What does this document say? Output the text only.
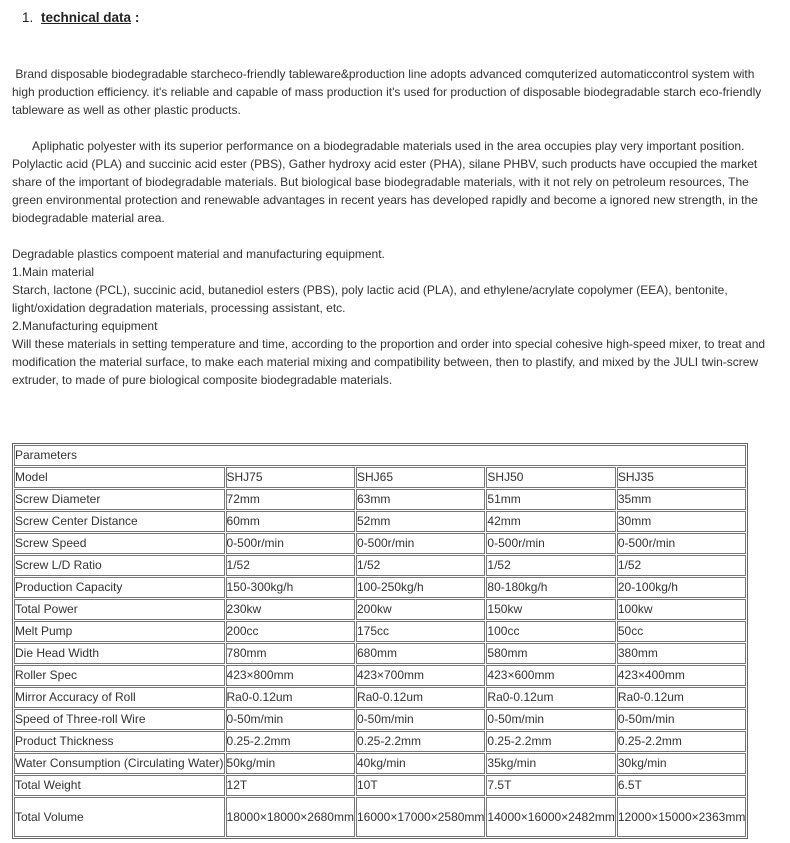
1. technical data :

Brand disposable biodegradable starcheco-friendly tableware&production line adopts advanced comquterized automaticcontrol system with high production efficiency. it's reliable and capable of mass production it's used for production of disposable biodegradable starch eco-friendly tableware as well as other plastic products.

Apliphatic polyester with its superior performance on a biodegradable materials used in the area occupies play very important position. Polylactic acid (PLA) and succinic acid ester (PBS), Gather hydroxy acid ester (PHA), silane PHBV, such products have occupied the market share of the important of biodegradable materials. But biological base biodegradable materials, with it not rely on petroleum resources, The green environmental protection and renewable advantages in recent years has developed rapidly and become a ignored new strength, in the biodegradable material area.

Degradable plastics compoent material and manufacturing equipment.
1.Main material
Starch, lactone (PCL), succinic acid, butanediol esters (PBS), poly lactic acid (PLA), and ethylene/acrylate copolymer (EEA), bentonite, light/oxidation degradation materials, processing assistant, etc.
2.Manufacturing equipment
Will these materials in setting temperature and time, according to the proportion and order into special cohesive high-speed mixer, to treat and modification the material surface, to make each material mixing and compatibility between, then to plastify, and mixed by the JULI twin-screw extruder, to made of pure biological composite biodegradable materials.
Parameters				
Model	SHJ75	SHJ65	SHJ50	SHJ35
Screw Diameter	72mm	63mm	51mm	35mm
Screw Center Distance	60mm	52mm	42mm	30mm
Screw Speed	0-500r/min	0-500r/min	0-500r/min	0-500r/min
Screw L/D Ratio	1/52	1/52	1/52	1/52
Production Capacity	150-300kg/h	100-250kg/h	80-180kg/h	20-100kg/h
Total Power	230kw	200kw	150kw	100kw
Melt Pump	200cc	175cc	100cc	50cc
Die Head Width	780mm	680mm	580mm	380mm
Roller Spec	423×800mm	423×700mm	423×600mm	423×400mm
Mirror Accuracy of Roll	Ra0-0.12um	Ra0-0.12um	Ra0-0.12um	Ra0-0.12um
Speed of Three-roll Wire	0-50m/min	0-50m/min	0-50m/min	0-50m/min
Product Thickness	0.25-2.2mm	0.25-2.2mm	0.25-2.2mm	0.25-2.2mm
Water Consumption (Circulating Water)	50kg/min	40kg/min	35kg/min	30kg/min
Total Weight	12T	10T	7.5T	6.5T
Total Volume	18000×18000×2680mm	16000×17000×2580mm	14000×16000×2482mm	12000×15000×2363mm
